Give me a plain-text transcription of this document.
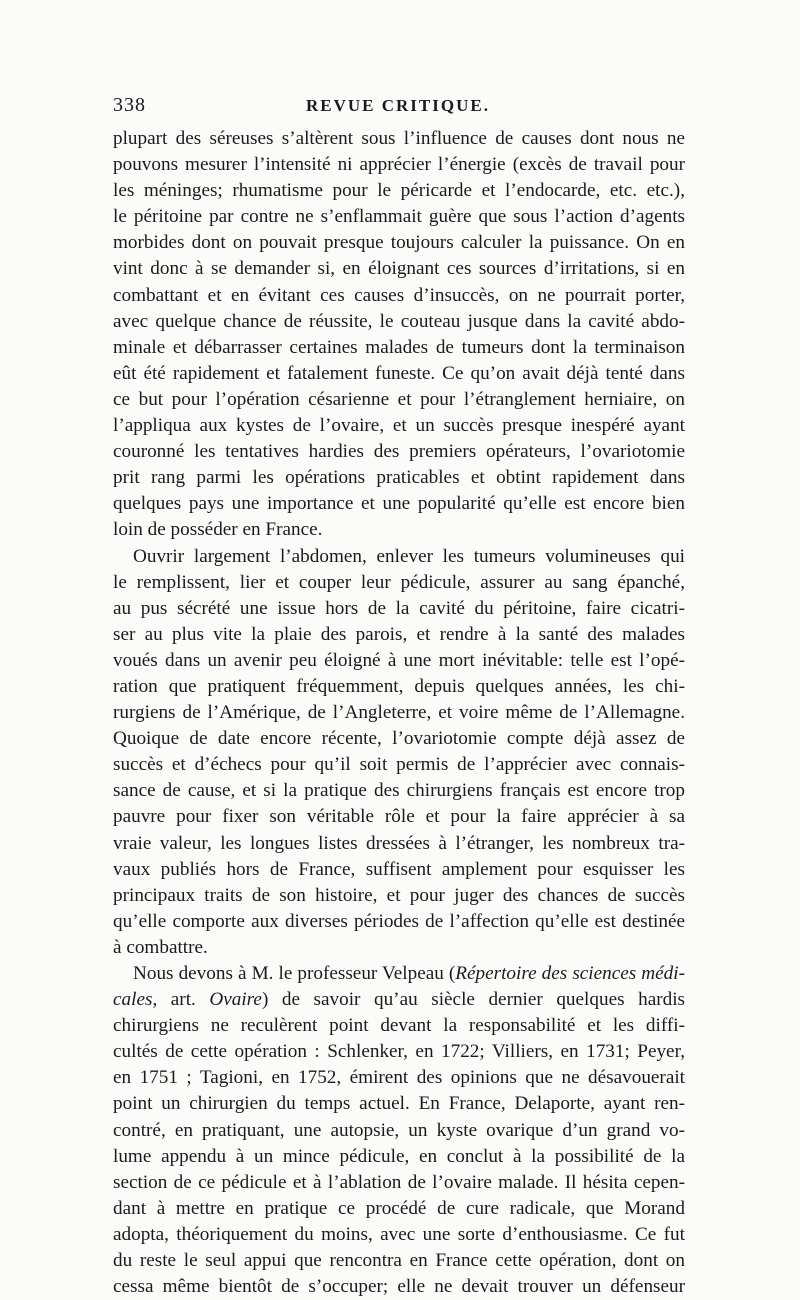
338	REVUE CRITIQUE.
plupart des séreuses s’altèrent sous l’influence de causes dont nous ne
pouvons mesurer l’intensité ni apprécier l’énergie (excès de travail pour
les méninges; rhumatisme pour le péricarde et l’endocarde, etc. etc.),
le péritoine par contre ne s’enflammait guère que sous l’action d’agents
morbides dont on pouvait presque toujours calculer la puissance. On en
vint donc à se demander si, en éloignant ces sources d’irritations, si en
combattant et en évitant ces causes d’insuccès, on ne pourrait porter,
avec quelque chance de réussite, le couteau jusque dans la cavité abdo-
minale et débarrasser certaines malades de tumeurs dont la terminaison
eût été rapidement et fatalement funeste. Ce qu’on avait déjà tenté dans
ce but pour l’opération césarienne et pour l’étranglement herniaire, on
l’appliqua aux kystes de l’ovaire, et un succès presque inespéré ayant
couronné les tentatives hardies des premiers opérateurs, l’ovariotomie
prit rang parmi les opérations praticables et obtint rapidement dans
quelques pays une importance et une popularité qu’elle est encore bien
loin de posséder en France.
Ouvrir largement l’abdomen, enlever les tumeurs volumineuses qui
le remplissent, lier et couper leur pédicule, assurer au sang épanché,
au pus sécrété une issue hors de la cavité du péritoine, faire cicatri-
ser au plus vite la plaie des parois, et rendre à la santé des malades
voués dans un avenir peu éloigné à une mort inévitable: telle est l’opé-
ration que pratiquent fréquemment, depuis quelques années, les chi-
rurgiens de l’Amérique, de l’Angleterre, et voire même de l’Allemagne.
Quoique de date encore récente, l’ovariotomie compte déjà assez de
succès et d’échecs pour qu’il soit permis de l’apprécier avec connais-
sance de cause, et si la pratique des chirurgiens français est encore trop
pauvre pour fixer son véritable rôle et pour la faire apprécier à sa
vraie valeur, les longues listes dressées à l’étranger, les nombreux tra-
vaux publiés hors de France, suffisent amplement pour esquisser les
principaux traits de son histoire, et pour juger des chances de succès
qu’elle comporte aux diverses périodes de l’affection qu’elle est destinée
à combattre.
Nous devons à M. le professeur Velpeau (Répertoire des sciences médi-
cales, art. Ovaire) de savoir qu’au siècle dernier quelques hardis
chirurgiens ne reculèrent point devant la responsabilité et les diffi-
cultés de cette opération : Schlenker, en 1722; Villiers, en 1731; Peyer,
en 1751 ; Tagioni, en 1752, émirent des opinions que ne désavouerait
point un chirurgien du temps actuel. En France, Delaporte, ayant ren-
contré, en pratiquant, une autopsie, un kyste ovarique d’un grand vo-
lume appendu à un mince pédicule, en conclut à la possibilité de la
section de ce pédicule et à l’ablation de l’ovaire malade. Il hésita cepen-
dant à mettre en pratique ce procédé de cure radicale, que Morand
adopta, théoriquement du moins, avec une sorte d’enthousiasme. Ce fut
du reste le seul appui que rencontra en France cette opération, dont on
cessa même bientôt de s’occuper; elle ne devait trouver un défenseur
